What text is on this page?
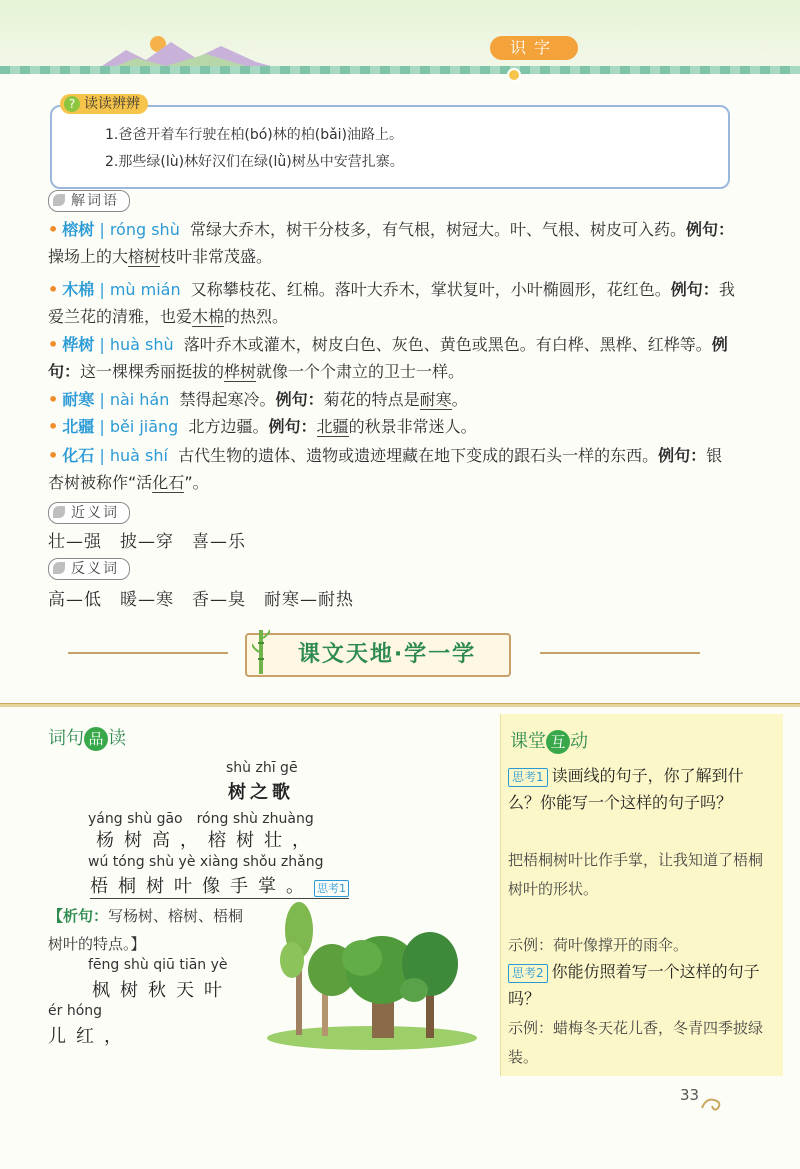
识字
? 读读辨辨
1.爸爸开着车行驶在柏(bó)林的柏(bǎi)油路上。
2.那些绿(lù)林好汉们在绿(lǜ)树丛中安营扎寨。
解词语
• 榕树 | róng shù 常绿大乔木，树干分枝多，有气根，树冠大。叶、气根、树皮可入药。例句：操场上的大榕树枝叶非常茂盛。
• 木棉 | mù mián 又称攀枝花、红棉。落叶大乔木，掌状复叶，小叶椭圆形，花红色。例句：我爱兰花的清雅，也爱木棉的热烈。
• 桦树 | huà shù 落叶乔木或灌木，树皮白色、灰色、黄色或黑色。有白桦、黑桦、红桦等。例句：这一棵棵秀丽挺拔的桦树就像一个个肃立的卫士一样。
• 耐寒 | nài hán 禁得起寒冷。例句：菊花的特点是耐寒。
• 北疆 | běi jiāng 北方边疆。例句：北疆的秋景非常迷人。
• 化石 | huà shí 古代生物的遗体、遗物或遗迹埋藏在地下变成的跟石头一样的东西。例句：银杏树被称作“活化石”。
近义词
壮—强　披—穿　喜—乐
反义词
高—低　暖—寒　香—臭　耐寒—耐热
课文天地·学一学
词句 品 读
shù zhī gē
树之歌
yáng shù gāo　róng shù zhuàng
杨树高，榕树壮，
wú tóng shù yè xiàng shǒu zhǎng
梧桐树叶像手掌。 思考1
【析句：写杨树、榕树、梧桐树叶的特点。】
fēng shù qiū tiān yè
枫树秋天叶
ér hóng
儿红，
课堂 互 动
思考1 读画线的句子，你了解到什么？你能写一个这样的句子吗？
把梧桐树叶比作手掌，让我知道了梧桐树叶的形状。
示例：荷叶像撑开的雨伞。
思考2 你能仿照着写一个这样的句子吗？
示例：蜡梅冬天花儿香，冬青四季披绿装。
33
